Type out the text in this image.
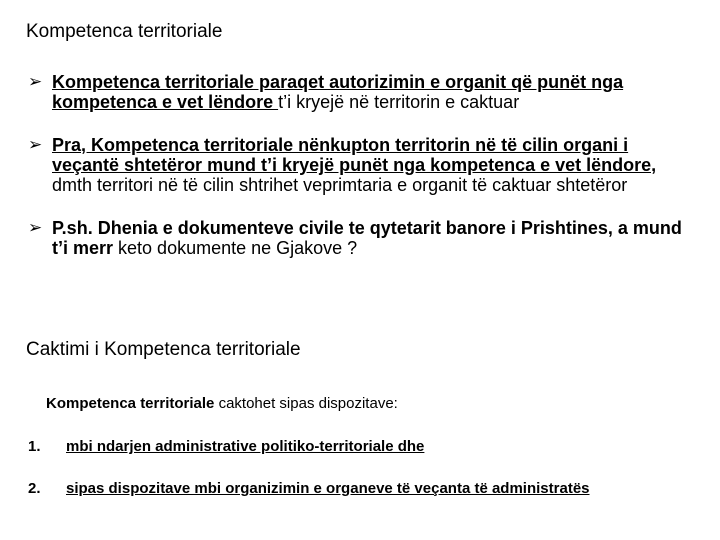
Kompetenca territoriale
➢ Kompetenca territoriale paraqet autorizimin e organit që punët nga kompetenca e vet lëndore t’i kryejë në territorin e caktuar
➢ Pra, Kompetenca territoriale nënkupton territorin në të cilin organi i veçantë shtetëror mund t’i kryejë punët nga kompetenca e vet lëndore, dmth territori në të cilin shtrihet veprimtaria e organit të caktuar shtetëror
➢ P.sh. Dhenia e dokumenteve civile te qytetarit banore i Prishtines, a mund t’i merr keto dokumente ne Gjakove ?
Caktimi i Kompetenca territoriale

Kompetenca territoriale caktohet sipas dispozitave:

1. mbi ndarjen administrative politiko-territoriale dhe
2. sipas dispozitave mbi organizimin e organeve të veçanta të administratës
